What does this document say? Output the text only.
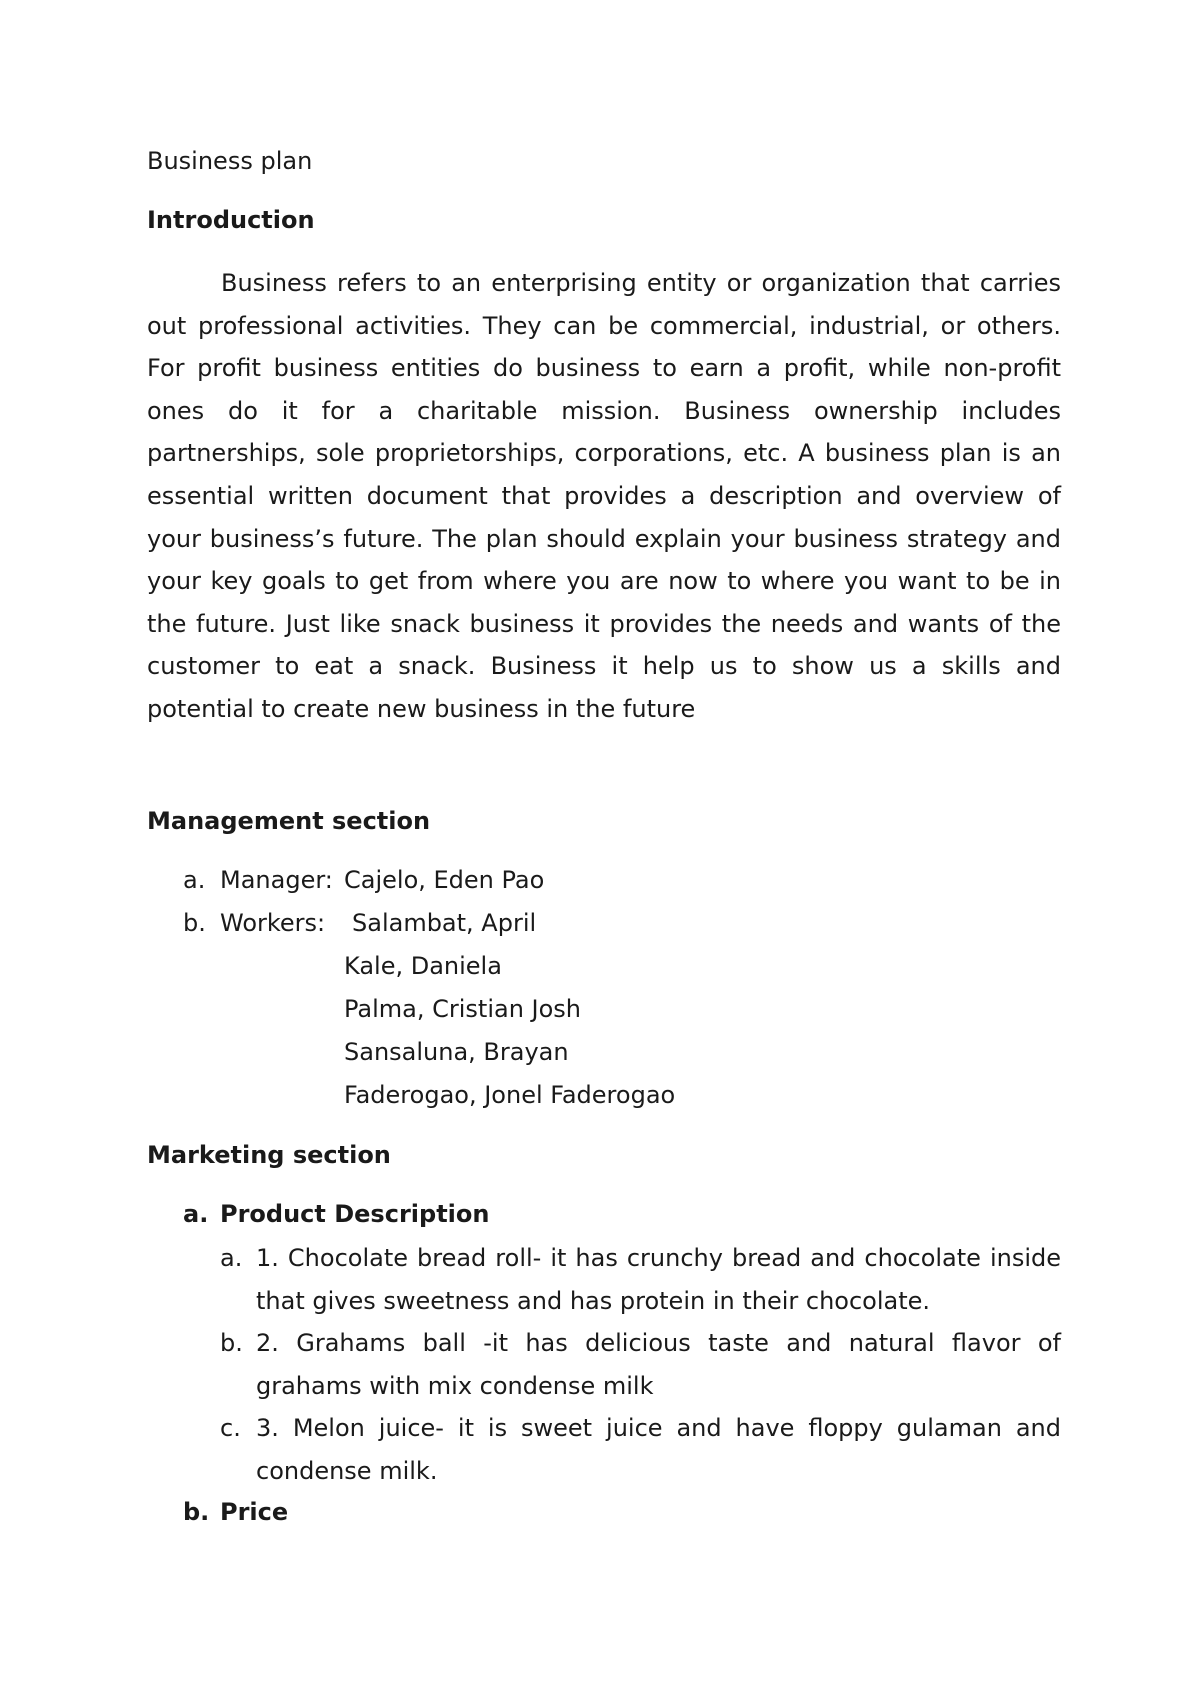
Business plan

Introduction

Business refers to an enterprising entity or organization that carries out professional activities. They can be commercial, industrial, or others. For profit business entities do business to earn a profit, while non-profit ones do it for a charitable mission. Business ownership includes partnerships, sole proprietorships, corporations, etc. A business plan is an essential written document that provides a description and overview of your business’s future. The plan should explain your business strategy and your key goals to get from where you are now to where you want to be in the future. Just like snack business it provides the needs and wants of the customer to eat a snack. Business it help us to show us a skills and potential to create new business in the future

Management section

a. Manager: Cajelo, Eden Pao
b. Workers: Salambat, April
Kale, Daniela
Palma, Cristian Josh
Sansaluna, Brayan
Faderogao, Jonel Faderogao

Marketing section

a. Product Description
a. 1. Chocolate bread roll- it has crunchy bread and chocolate inside that gives sweetness and has protein in their chocolate.

b. 2. Grahams ball -it has delicious taste and natural flavor of grahams with mix condense milk

c. 3. Melon juice- it is sweet juice and have floppy gulaman and condense milk.

b. Price
